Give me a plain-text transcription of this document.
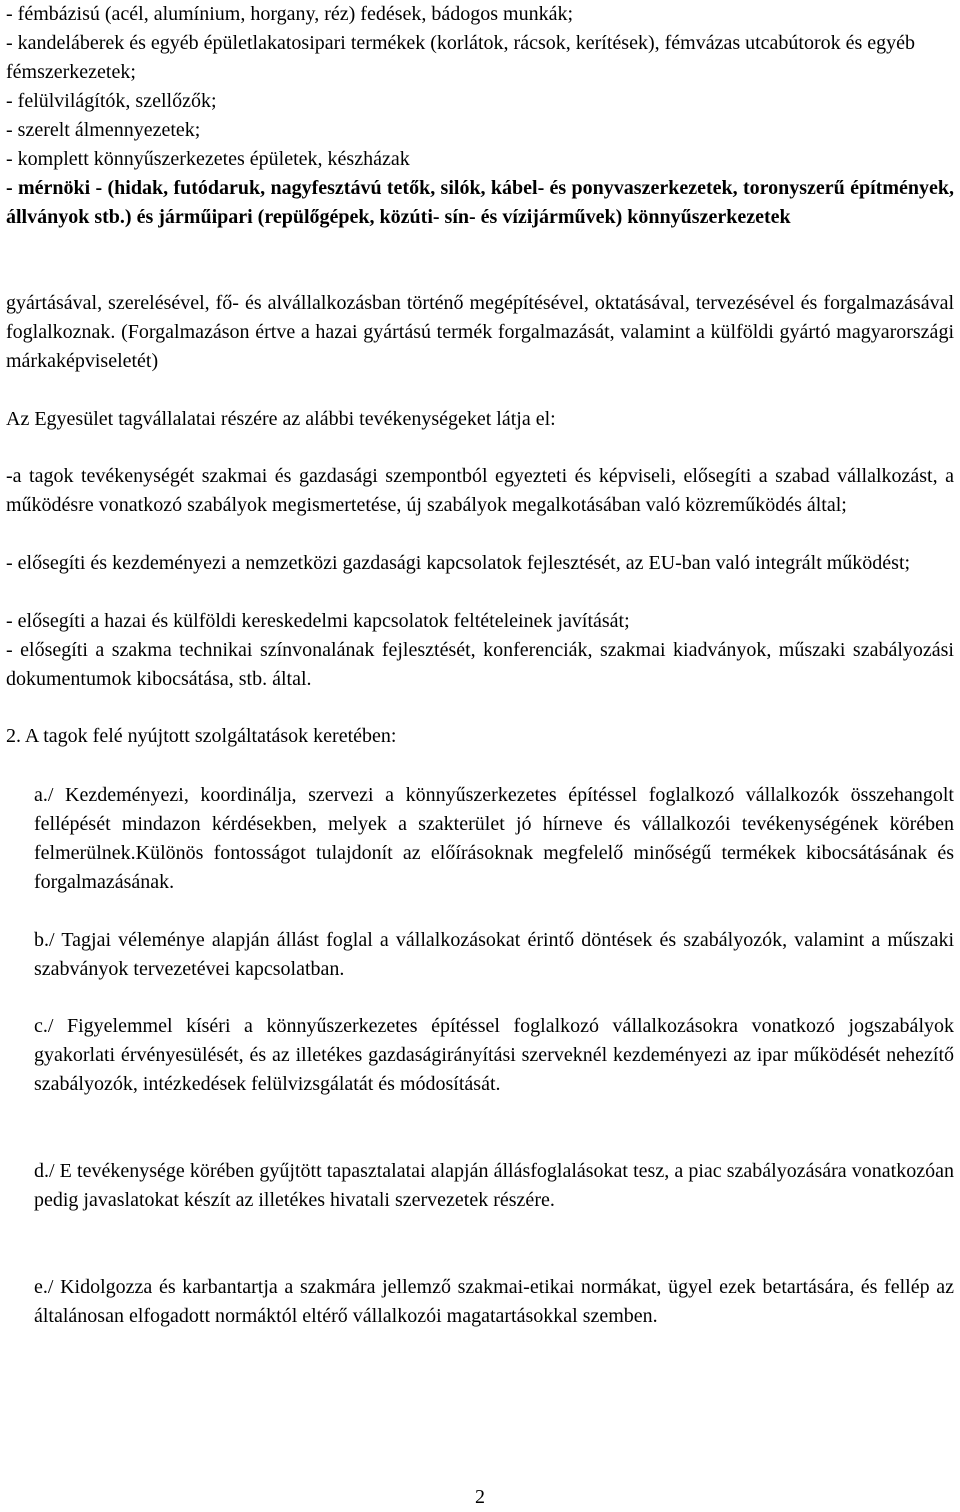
- fémbázisú (acél, alumínium, horgany, réz) fedések, bádogos munkák;
- kandeláberek és egyéb épületlakatosipari termékek (korlátok, rácsok, kerítések), fémvázas utcabútorok és egyéb fémszerkezetek;
- felülvilágítók, szellőzők;
- szerelt álmennyezetek;
- komplett könnyűszerkezetes épületek, készházak
- mérnöki - (hidak, futódaruk, nagyfesztávú tetők, silók, kábel- és ponyvaszerkezetek, toronyszerű építmények, állványok stb.) és járműipari (repülőgépek, közúti- sín- és vízijárművek) könnyűszerkezetek
gyártásával, szerelésével, fő- és alvállalkozásban történő megépítésével, oktatásával, tervezésével és forgalmazásával foglalkoznak. (Forgalmazáson értve a hazai gyártású termék forgalmazását, valamint a külföldi gyártó magyarországi márkaképviseletét)
Az Egyesület tagvállalatai részére az alábbi tevékenységeket látja el:
-a tagok tevékenységét szakmai és gazdasági szempontból egyezteti és képviseli, elősegíti a szabad vállalkozást, a működésre vonatkozó szabályok megismertetése, új szabályok megalkotásában való közreműködés által;
- elősegíti és kezdeményezi a nemzetközi gazdasági kapcsolatok fejlesztését, az EU-ban való integrált működést;
- elősegíti a hazai és külföldi kereskedelmi kapcsolatok feltételeinek javítását;
- elősegíti a szakma technikai színvonalának fejlesztését, konferenciák, szakmai kiadványok, műszaki szabályozási dokumentumok kibocsátása, stb. által.
2. A tagok felé nyújtott szolgáltatások keretében:
a./ Kezdeményezi, koordinálja, szervezi a könnyűszerkezetes építéssel foglalkozó vállalkozók összehangolt fellépését mindazon kérdésekben, melyek a szakterület jó hírneve és vállalkozói tevékenységének körében felmerülnek.Különös fontosságot tulajdonít az előírásoknak megfelelő minőségű termékek kibocsátásának és forgalmazásának.
b./ Tagjai véleménye alapján állást foglal a vállalkozásokat érintő döntések és szabályozók, valamint a műszaki szabványok tervezetévei kapcsolatban.
c./ Figyelemmel kíséri a könnyűszerkezetes építéssel foglalkozó vállalkozásokra vonatkozó jogszabályok gyakorlati érvényesülését, és az illetékes gazdaságirányítási szerveknél kezdeményezi az ipar működését nehezítő szabályozók, intézkedések felülvizsgálatát és módosítását.
d./ E tevékenysége körében gyűjtött tapasztalatai alapján állásfoglalásokat tesz, a piac szabályozására vonatkozóan pedig javaslatokat készít az illetékes hivatali szervezetek részére.
e./ Kidolgozza és karbantartja a szakmára jellemző szakmai-etikai normákat, ügyel ezek betartására, és fellép az általánosan elfogadott normáktól eltérő vállalkozói magatartásokkal szemben.
2
